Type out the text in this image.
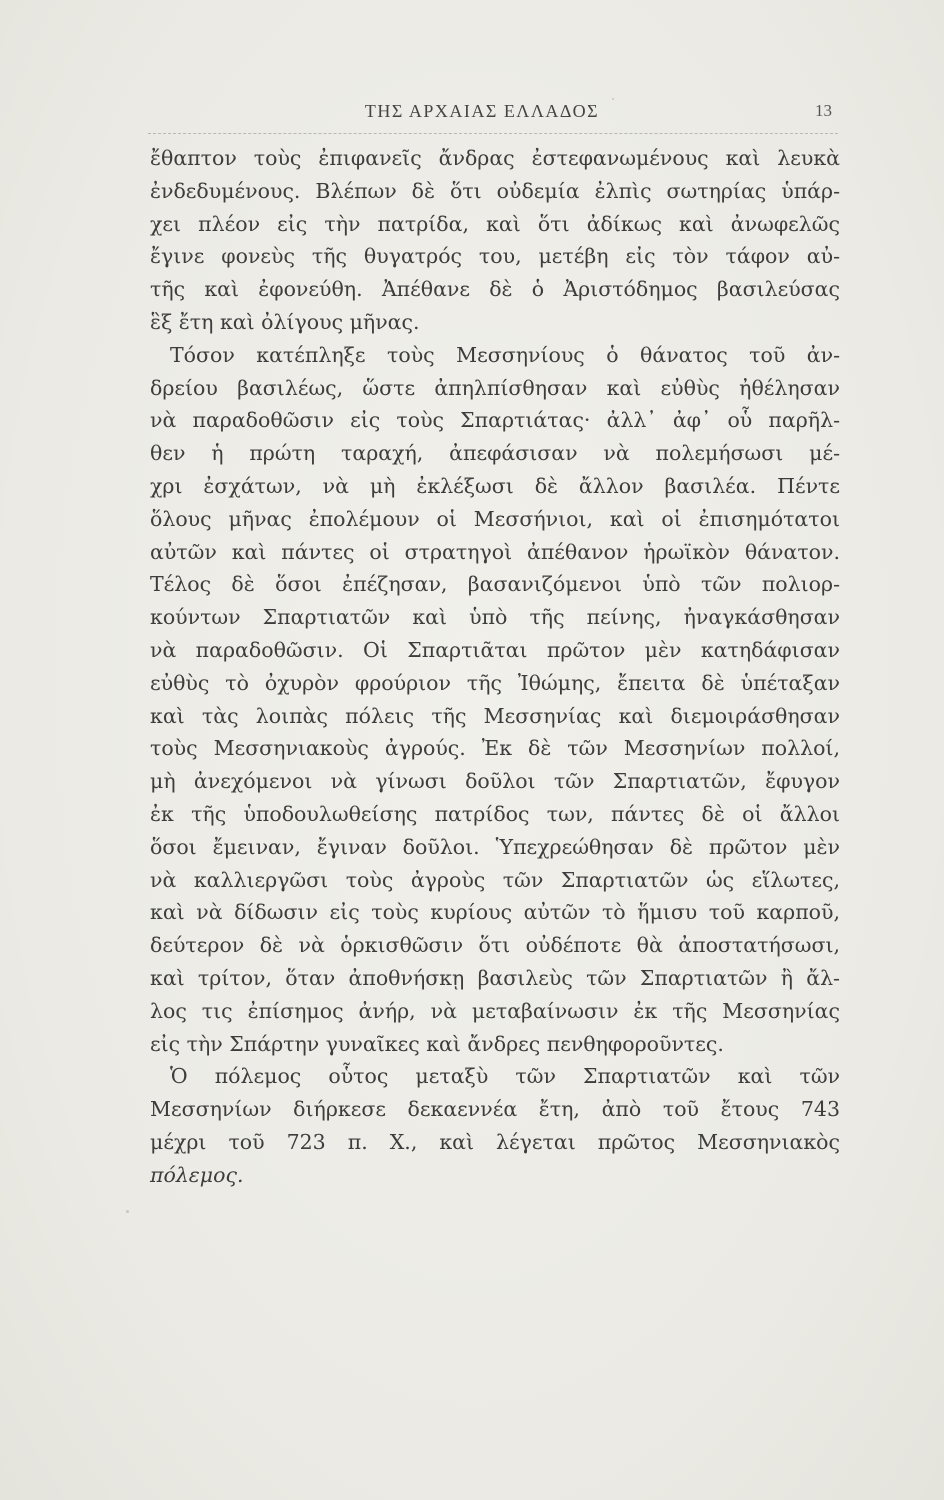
ΤΗΣ ΑΡΧΑΙΑΣ ΕΛΛΑΔΟΣ	13
ἔθαπτον τοὺς ἐπιφανεῖς ἄνδρας ἐστεφανωμένους καὶ λευκὰ
ἐνδεδυμένους. Βλέπων δὲ ὅτι οὐδεμία ἐλπὶς σωτηρίας ὑπάρ-
χει πλέον εἰς τὴν πατρίδα, καὶ ὅτι ἀδίκως καὶ ἀνωφελῶς
ἔγινε φονεὺς τῆς θυγατρός του, μετέβη εἰς τὸν τάφον αὐ-
τῆς καὶ ἐφονεύθη. Ἀπέθανε δὲ ὁ Ἀριστόδημος βασιλεύσας
ἓξ ἔτη καὶ ὀλίγους μῆνας.
Τόσον κατέπληξε τοὺς Μεσσηνίους ὁ θάνατος τοῦ ἀν-
δρείου βασιλέως, ὥστε ἀπηλπίσθησαν καὶ εὐθὺς ἠθέλησαν
νὰ παραδοθῶσιν εἰς τοὺς Σπαρτιάτας· ἀλλ᾿ ἀφ᾿ οὗ παρῆλ-
θεν ἡ πρώτη ταραχή, ἀπεφάσισαν νὰ πολεμήσωσι μέ-
χρι ἐσχάτων, νὰ μὴ ἐκλέξωσι δὲ ἄλλον βασιλέα. Πέντε
ὅλους μῆνας ἐπολέμουν οἱ Μεσσήνιοι, καὶ οἱ ἐπισημότατοι
αὐτῶν καὶ πάντες οἱ στρατηγοὶ ἀπέθανον ἡρωϊκὸν θάνατον.
Τέλος δὲ ὅσοι ἐπέζησαν, βασανιζόμενοι ὑπὸ τῶν πολιορ-
κούντων Σπαρτιατῶν καὶ ὑπὸ τῆς πείνης, ἠναγκάσθησαν
νὰ παραδοθῶσιν. Οἱ Σπαρτιᾶται πρῶτον μὲν κατηδάφισαν
εὐθὺς τὸ ὀχυρὸν φρούριον τῆς Ἰθώμης, ἔπειτα δὲ ὑπέταξαν
καὶ τὰς λοιπὰς πόλεις τῆς Μεσσηνίας καὶ διεμοιράσθησαν
τοὺς Μεσσηνιακοὺς ἀγρούς. Ἐκ δὲ τῶν Μεσσηνίων πολλοί,
μὴ ἀνεχόμενοι νὰ γίνωσι δοῦλοι τῶν Σπαρτιατῶν, ἔφυγον
ἐκ τῆς ὑποδουλωθείσης πατρίδος των, πάντες δὲ οἱ ἄλλοι
ὅσοι ἔμειναν, ἔγιναν δοῦλοι. Ὑπεχρεώθησαν δὲ πρῶτον μὲν
νὰ καλλιεργῶσι τοὺς ἀγροὺς τῶν Σπαρτιατῶν ὡς εἵλωτες,
καὶ νὰ δίδωσιν εἰς τοὺς κυρίους αὐτῶν τὸ ἥμισυ τοῦ καρποῦ,
δεύτερον δὲ νὰ ὁρκισθῶσιν ὅτι οὐδέποτε θὰ ἀποστατήσωσι,
καὶ τρίτον, ὅταν ἀποθνήσκῃ βασιλεὺς τῶν Σπαρτιατῶν ἢ ἄλ-
λος τις ἐπίσημος ἀνήρ, νὰ μεταβαίνωσιν ἐκ τῆς Μεσσηνίας
εἰς τὴν Σπάρτην γυναῖκες καὶ ἄνδρες πενθηφοροῦντες.
Ὁ πόλεμος οὗτος μεταξὺ τῶν Σπαρτιατῶν καὶ τῶν
Μεσσηνίων διήρκεσε δεκαεννέα ἔτη, ἀπὸ τοῦ ἔτους 743
μέχρι τοῦ 723 π. Χ., καὶ λέγεται πρῶτος Μεσσηνιακὸς
πόλεμος.
